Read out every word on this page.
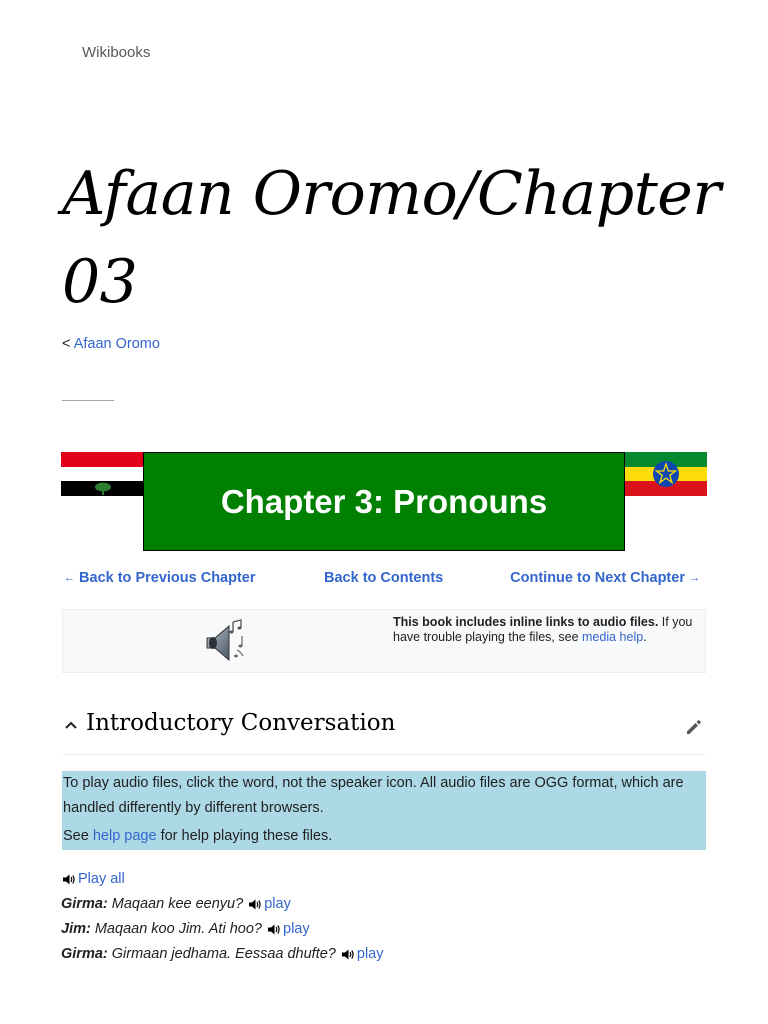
Wikibooks
Afaan Oromo/Chapter 03
< Afaan Oromo
Chapter 3: Pronouns
← Back to Previous Chapter	Back to Contents	Continue to Next Chapter →
This book includes inline links to audio files. If you have trouble playing the files, see media help.
Introductory Conversation

To play audio files, click the word, not the speaker icon. All audio files are OGG format, which are handled differently by different browsers.

See help page for help playing these files.

Play all
Girma: Maqaan kee eenyu? play
Jim: Maqaan koo Jim. Ati hoo? play
Girma: Girmaan jedhama. Eessaa dhufte? play
